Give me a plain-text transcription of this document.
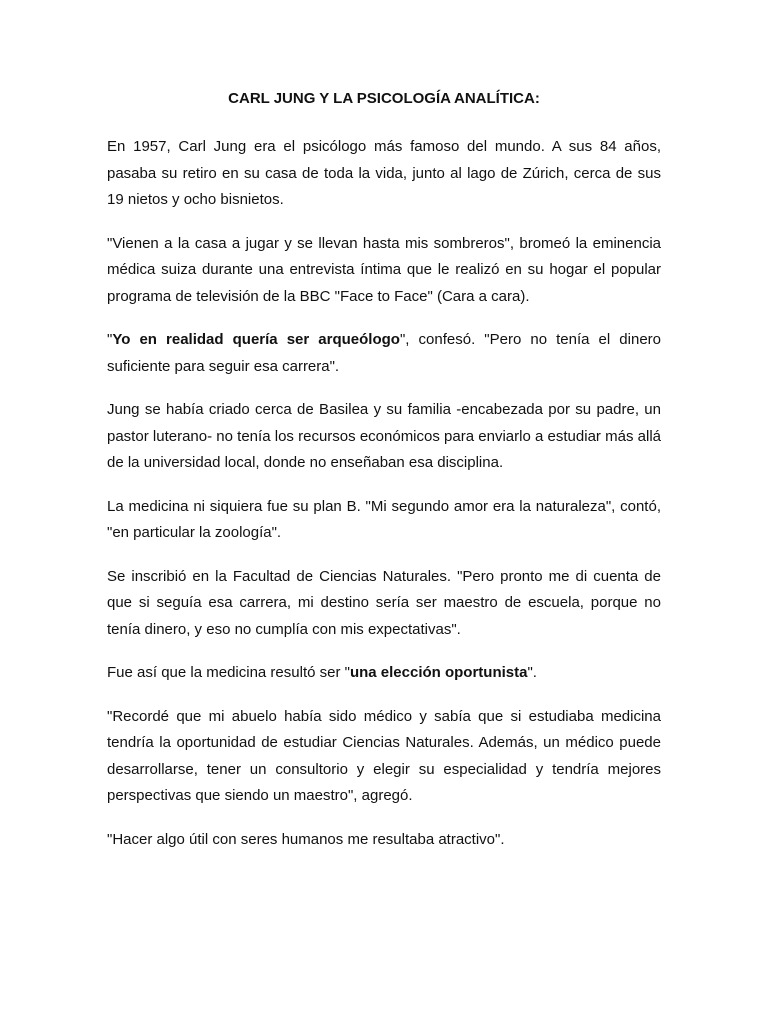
CARL JUNG Y LA PSICOLOGÍA ANALÍTICA:

En 1957, Carl Jung era el psicólogo más famoso del mundo. A sus 84 años, pasaba su retiro en su casa de toda la vida, junto al lago de Zúrich, cerca de sus 19 nietos y ocho bisnietos.

"Vienen a la casa a jugar y se llevan hasta mis sombreros", bromeó la eminencia médica suiza durante una entrevista íntima que le realizó en su hogar el popular programa de televisión de la BBC "Face to Face" (Cara a cara).

"Yo en realidad quería ser arqueólogo", confesó. "Pero no tenía el dinero suficiente para seguir esa carrera".

Jung se había criado cerca de Basilea y su familia -encabezada por su padre, un pastor luterano- no tenía los recursos económicos para enviarlo a estudiar más allá de la universidad local, donde no enseñaban esa disciplina.

La medicina ni siquiera fue su plan B. "Mi segundo amor era la naturaleza", contó, "en particular la zoología".

Se inscribió en la Facultad de Ciencias Naturales. "Pero pronto me di cuenta de que si seguía esa carrera, mi destino sería ser maestro de escuela, porque no tenía dinero, y eso no cumplía con mis expectativas".

Fue así que la medicina resultó ser "una elección oportunista".

"Recordé que mi abuelo había sido médico y sabía que si estudiaba medicina tendría la oportunidad de estudiar Ciencias Naturales. Además, un médico puede desarrollarse, tener un consultorio y elegir su especialidad y tendría mejores perspectivas que siendo un maestro", agregó.

"Hacer algo útil con seres humanos me resultaba atractivo".
